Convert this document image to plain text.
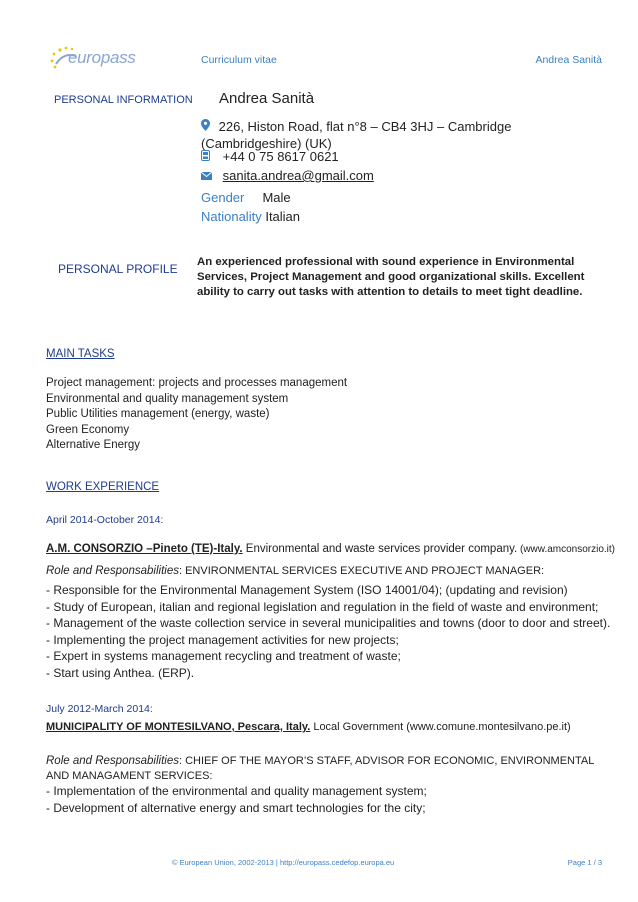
europass	Curriculum vitae	Andrea Sanità
PERSONAL INFORMATION Andrea Sanità
226, Histon Road, flat n°8 – CB4 3HJ – Cambridge (Cambridgeshire) (UK)
+44 0 75 8617 0621
sanita.andrea@gmail.com
Gender Male
Nationality Italian
PERSONAL PROFILE An experienced professional with sound experience in Environmental Services, Project Management and good organizational skills. Excellent ability to carry out tasks with attention to details to meet tight deadline.
MAIN TASKS
Project management: projects and processes management
Environmental and quality management system
Public Utilities management (energy, waste)
Green Economy
Alternative Energy
WORK EXPERIENCE
April 2014-October 2014:
A.M. CONSORZIO –Pineto (TE)-Italy. Environmental and waste services provider company. (www.amconsorzio.it)
Role and Responsabilities: ENVIRONMENTAL SERVICES EXECUTIVE AND PROJECT MANAGER:
- Responsible for the Environmental Management System (ISO 14001/04); (updating and revision)
- Study of European, italian and regional legislation and regulation in the field of waste and environment;
- Management of the waste collection service in several municipalities and towns (door to door and street).
- Implementing the project management activities for new projects;
- Expert in systems management recycling and treatment of waste;
- Start using Anthea. (ERP).
July 2012-March 2014:
MUNICIPALITY OF MONTESILVANO, Pescara, Italy. Local Government (www.comune.montesilvano.pe.it)
Role and Responsabilities: CHIEF OF THE MAYOR’S STAFF, ADVISOR FOR ECONOMIC, ENVIRONMENTAL AND MANAGAMENT SERVICES:
- Implementation of the environmental and quality management system;
- Development of alternative energy and smart technologies for the city;
© European Union, 2002-2013 | http://europass.cedefop.europa.eu	Page 1 / 3
